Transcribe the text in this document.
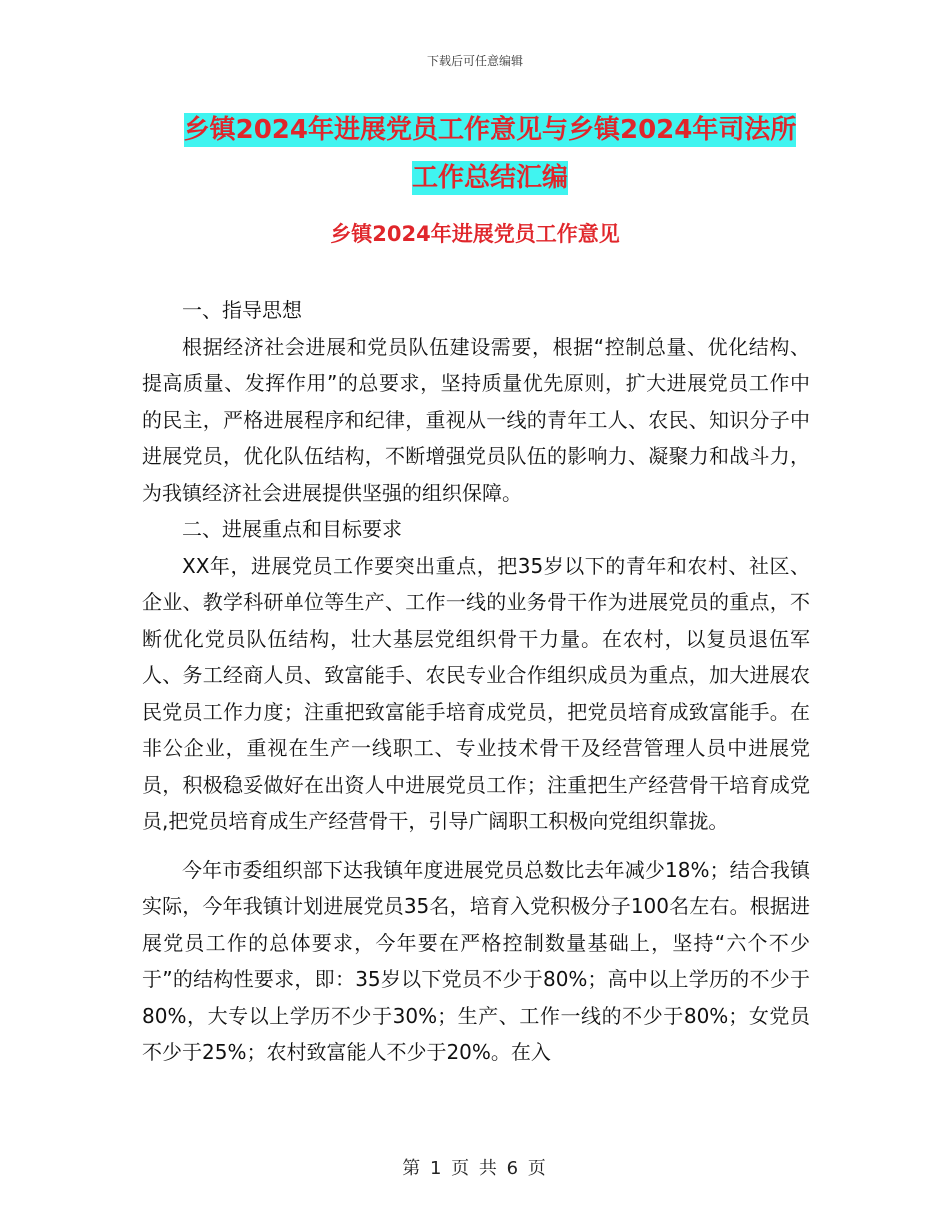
下载后可任意编辑
乡镇2024年进展党员工作意见与乡镇2024年司法所
工作总结汇编
乡镇2024年进展党员工作意见

一、指导思想

根据经济社会进展和党员队伍建设需要，根据“控制总量、优化结构、提高质量、发挥作用”的总要求，坚持质量优先原则，扩大进展党员工作中的民主，严格进展程序和纪律，重视从一线的青年工人、农民、知识分子中进展党员，优化队伍结构，不断增强党员队伍的影响力、凝聚力和战斗力，为我镇经济社会进展提供坚强的组织保障。

二、进展重点和目标要求

XX年，进展党员工作要突出重点，把35岁以下的青年和农村、社区、企业、教学科研单位等生产、工作一线的业务骨干作为进展党员的重点，不断优化党员队伍结构，壮大基层党组织骨干力量。在农村，以复员退伍军人、务工经商人员、致富能手、农民专业合作组织成员为重点，加大进展农民党员工作力度；注重把致富能手培育成党员，把党员培育成致富能手。在非公企业，重视在生产一线职工、专业技术骨干及经营管理人员中进展党员，积极稳妥做好在出资人中进展党员工作；注重把生产经营骨干培育成党员,把党员培育成生产经营骨干，引导广阔职工积极向党组织靠拢。

今年市委组织部下达我镇年度进展党员总数比去年减少18%；结合我镇实际，今年我镇计划进展党员35名，培育入党积极分子100名左右。根据进展党员工作的总体要求，今年要在严格控制数量基础上，坚持“六个不少于”的结构性要求，即：35岁以下党员不少于80%；高中以上学历的不少于80%，大专以上学历不少于30%；生产、工作一线的不少于80%；女党员不少于25%；农村致富能人不少于20%。在入

第 1 页 共 6 页
